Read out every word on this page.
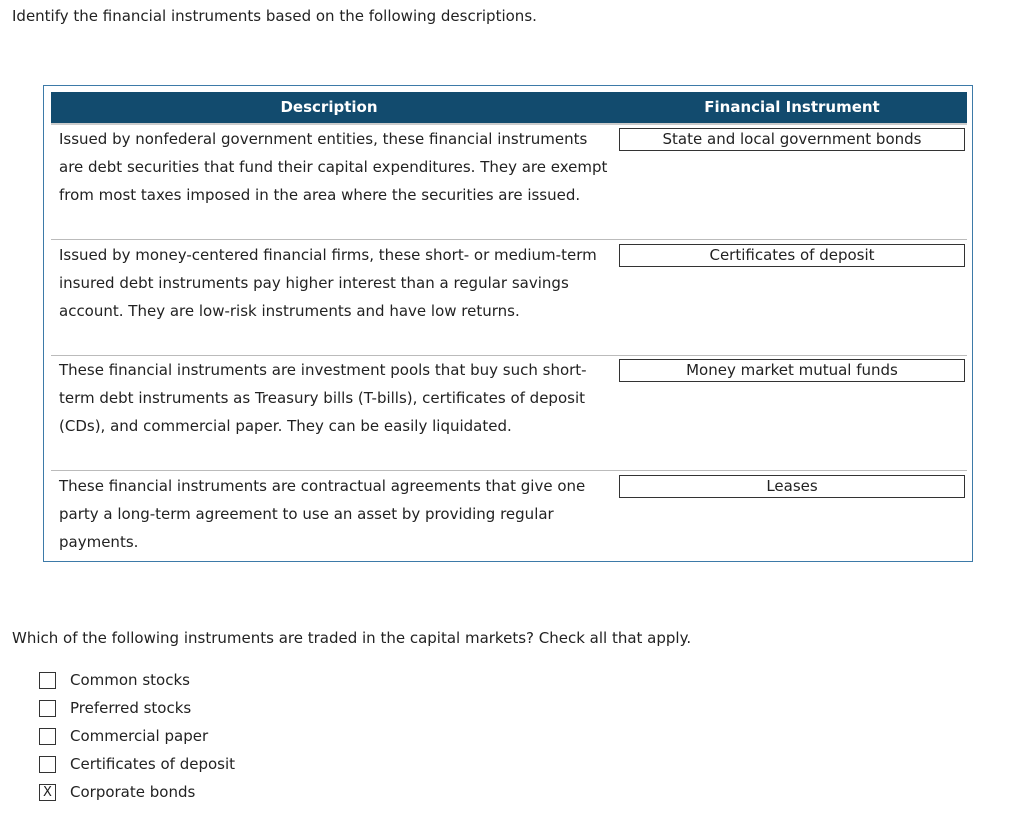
Identify the financial instruments based on the following descriptions.
Description	Financial Instrument
Issued by nonfederal government entities, these financial instruments are debt securities that fund their capital expenditures. They are exempt from most taxes imposed in the area where the securities are issued.
State and local government bonds
Issued by money-centered financial firms, these short- or medium-term insured debt instruments pay higher interest than a regular savings account. They are low-risk instruments and have low returns.
Certificates of deposit
These financial instruments are investment pools that buy such short-term debt instruments as Treasury bills (T-bills), certificates of deposit (CDs), and commercial paper. They can be easily liquidated.
Money market mutual funds
These financial instruments are contractual agreements that give one party a long-term agreement to use an asset by providing regular payments.
Leases
Which of the following instruments are traded in the capital markets? Check all that apply.
Common stocks
Preferred stocks
Commercial paper
Certificates of deposit
X Corporate bonds
